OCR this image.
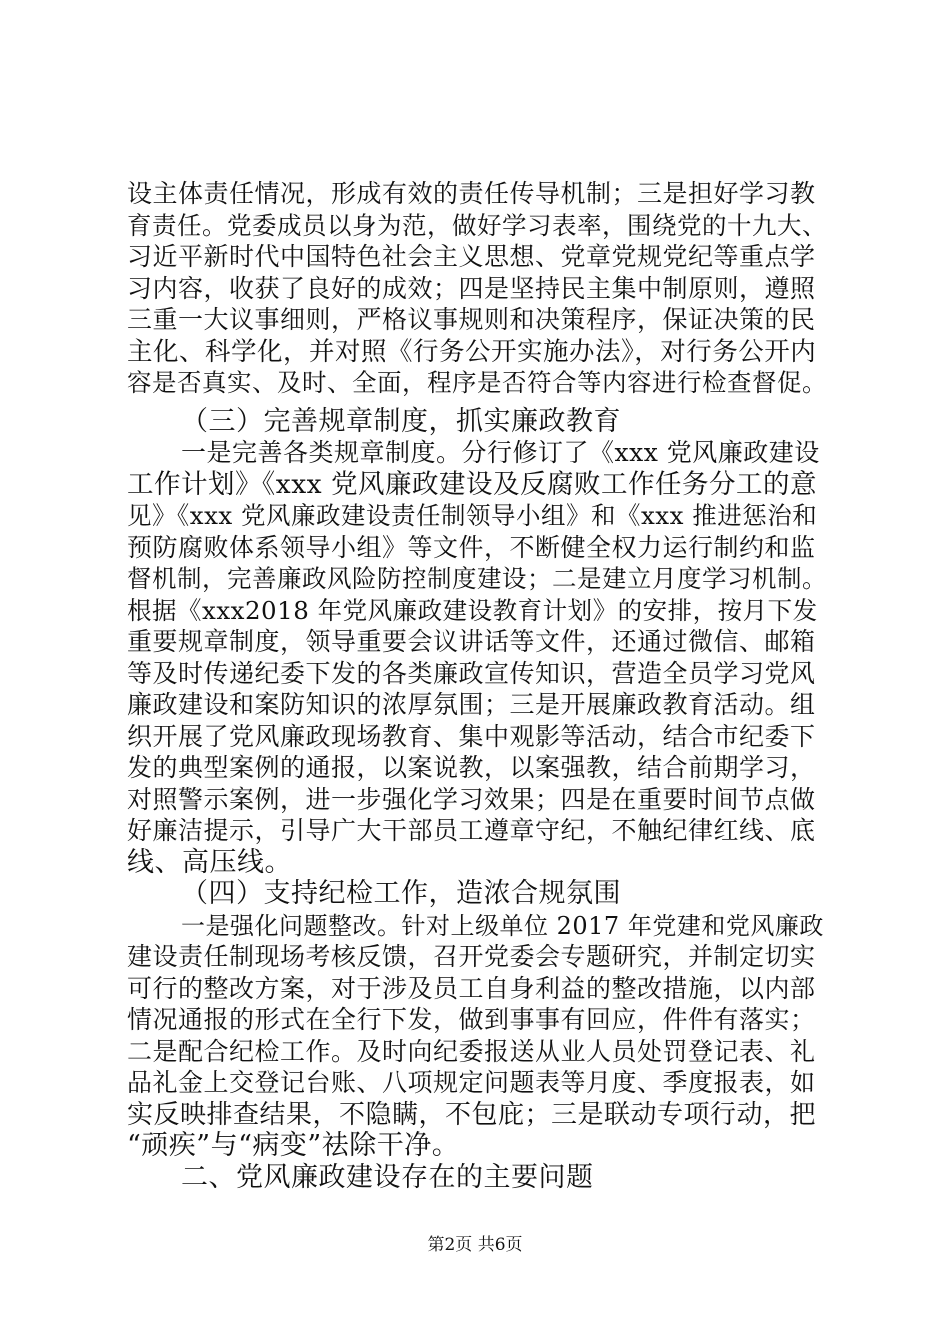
设主体责任情况，形成有效的责任传导机制；三是担好学习教
育责任。党委成员以身为范，做好学习表率，围绕党的十九大、
习近平新时代中国特色社会主义思想、党章党规党纪等重点学
习内容，收获了良好的成效；四是坚持民主集中制原则，遵照
三重一大议事细则，严格议事规则和决策程序，保证决策的民
主化、科学化，并对照《行务公开实施办法》，对行务公开内
容是否真实、及时、全面，程序是否符合等内容进行检查督促。
（三）完善规章制度，抓实廉政教育
一是完善各类规章制度。分行修订了《xxx 党风廉政建设
工作计划》《xxx 党风廉政建设及反腐败工作任务分工的意
见》《xxx 党风廉政建设责任制领导小组》和《xxx 推进惩治和
预防腐败体系领导小组》等文件，不断健全权力运行制约和监
督机制，完善廉政风险防控制度建设；二是建立月度学习机制。
根据《xxx2018 年党风廉政建设教育计划》的安排，按月下发
重要规章制度，领导重要会议讲话等文件，还通过微信、邮箱
等及时传递纪委下发的各类廉政宣传知识，营造全员学习党风
廉政建设和案防知识的浓厚氛围；三是开展廉政教育活动。组
织开展了党风廉政现场教育、集中观影等活动，结合市纪委下
发的典型案例的通报，以案说教，以案强教，结合前期学习，
对照警示案例，进一步强化学习效果；四是在重要时间节点做
好廉洁提示，引导广大干部员工遵章守纪，不触纪律红线、底
线、高压线。
（四）支持纪检工作，造浓合规氛围
一是强化问题整改。针对上级单位 2017 年党建和党风廉政
建设责任制现场考核反馈，召开党委会专题研究，并制定切实
可行的整改方案，对于涉及员工自身利益的整改措施，以内部
情况通报的形式在全行下发，做到事事有回应，件件有落实；
二是配合纪检工作。及时向纪委报送从业人员处罚登记表、礼
品礼金上交登记台账、八项规定问题表等月度、季度报表，如
实反映排查结果，不隐瞒，不包庇；三是联动专项行动，把
“顽疾”与“病变”祛除干净。
二、党风廉政建设存在的主要问题
第2页 共6页
